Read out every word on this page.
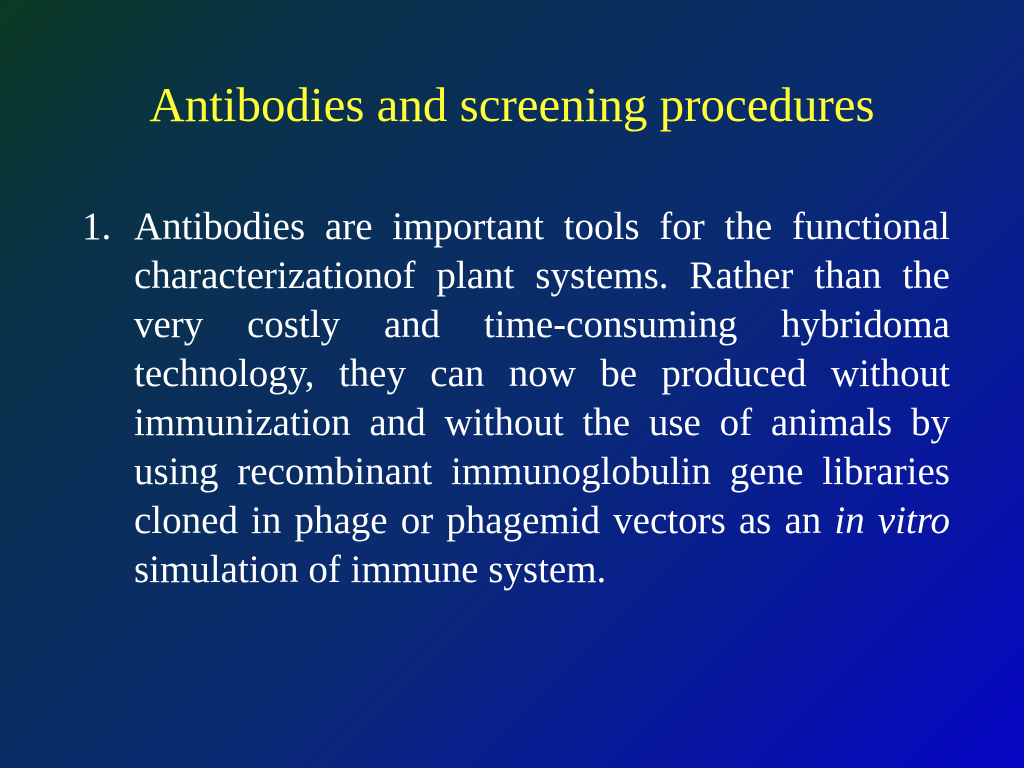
Antibodies and screening procedures
1. Antibodies are important tools for the functional characterizationof plant systems. Rather than the very costly and time-consuming hybridoma technology, they can now be produced without immunization and without the use of animals by using recombinant immunoglobulin gene libraries cloned in phage or phagemid vectors as an in vitro simulation of immune system.
